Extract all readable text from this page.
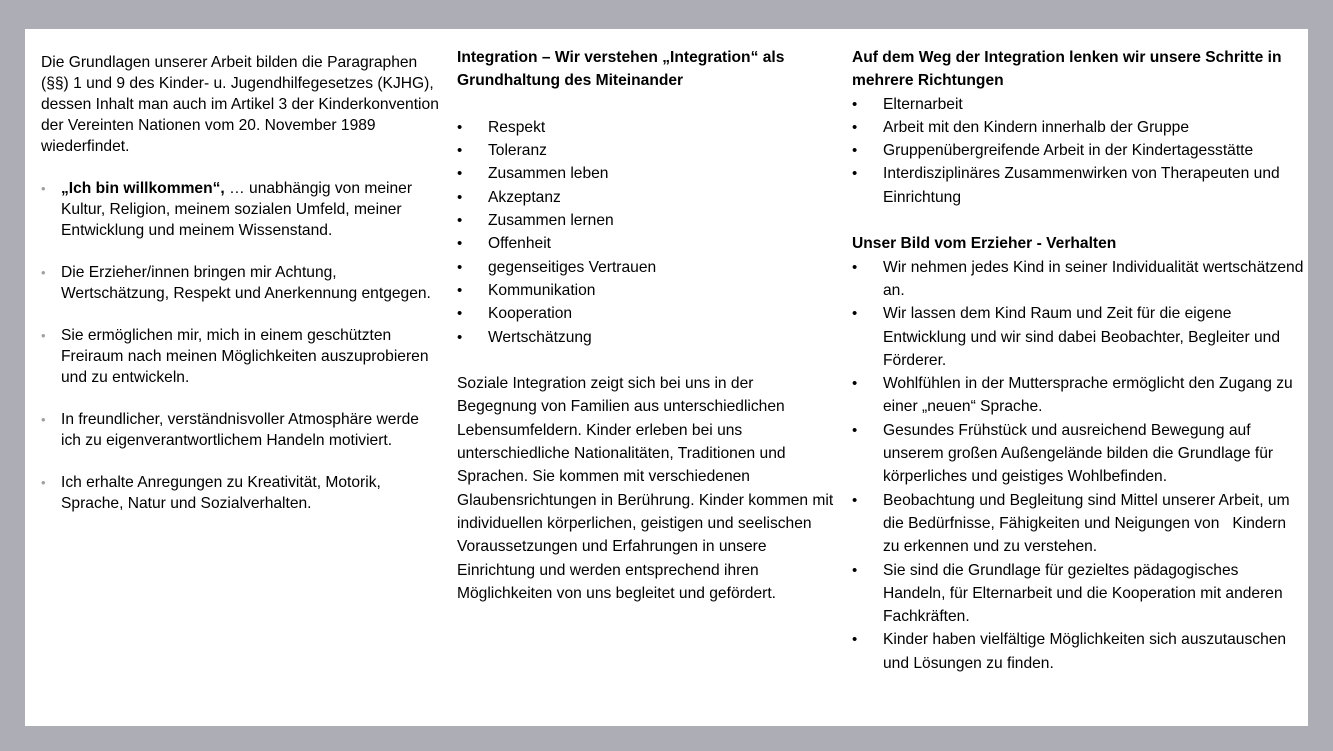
Die Grundlagen unserer Arbeit bilden die Paragraphen (§§) 1 und 9 des Kinder- u. Jugendhilfegesetzes (KJHG), dessen Inhalt man auch im Artikel 3 der Kinderkonvention der Vereinten Nationen vom 20. November 1989 wiederfindet.

• „Ich bin willkommen“, … unabhängig von meiner Kultur, Religion, meinem sozialen Umfeld, meiner Entwicklung und meinem Wissenstand.
• Die Erzieher/innen bringen mir Achtung, Wertschätzung, Respekt und Anerkennung entgegen.
• Sie ermöglichen mir, mich in einem geschützten Freiraum nach meinen Möglichkeiten auszuprobieren und zu entwickeln.
• In freundlicher, verständnisvoller Atmosphäre werde ich zu eigenverantwortlichem Handeln motiviert.
• Ich erhalte Anregungen zu Kreativität, Motorik, Sprache, Natur und Sozialverhalten.

Integration – Wir verstehen „Integration“ als Grundhaltung des Miteinander

• Respekt
• Toleranz
• Zusammen leben
• Akzeptanz
• Zusammen lernen
• Offenheit
• gegenseitiges Vertrauen
• Kommunikation
• Kooperation
• Wertschätzung

Soziale Integration zeigt sich bei uns in der Begegnung von Familien aus unterschiedlichen Lebensumfeldern. Kinder erleben bei uns unterschiedliche Nationalitäten, Traditionen und Sprachen. Sie kommen mit verschiedenen Glaubensrichtungen in Berührung. Kinder kommen mit individuellen körperlichen, geistigen und seelischen Voraussetzungen und Erfahrungen in unsere Einrichtung und werden entsprechend ihren Möglichkeiten von uns begleitet und gefördert.

Auf dem Weg der Integration lenken wir unsere Schritte in mehrere Richtungen

• Elternarbeit
• Arbeit mit den Kindern innerhalb der Gruppe
• Gruppenübergreifende Arbeit in der Kindertagesstätte
• Interdisziplinäres Zusammenwirken von Therapeuten und Einrichtung

Unser Bild vom Erzieher - Verhalten

• Wir nehmen jedes Kind in seiner Individualität wertschätzend an.
• Wir lassen dem Kind Raum und Zeit für die eigene Entwicklung und wir sind dabei Beobachter, Begleiter und Förderer.
• Wohlfühlen in der Muttersprache ermöglicht den Zugang zu einer „neuen“ Sprache.
• Gesundes Frühstück und ausreichend Bewegung auf unserem großen Außengelände bilden die Grundlage für körperliches und geistiges Wohlbefinden.
• Beobachtung und Begleitung sind Mittel unserer Arbeit, um die Bedürfnisse, Fähigkeiten und Neigungen von   Kindern zu erkennen und zu verstehen.
• Sie sind die Grundlage für gezieltes pädagogisches Handeln, für Elternarbeit und die Kooperation mit anderen Fachkräften.
• Kinder haben vielfältige Möglichkeiten sich auszutauschen und Lösungen zu finden.
